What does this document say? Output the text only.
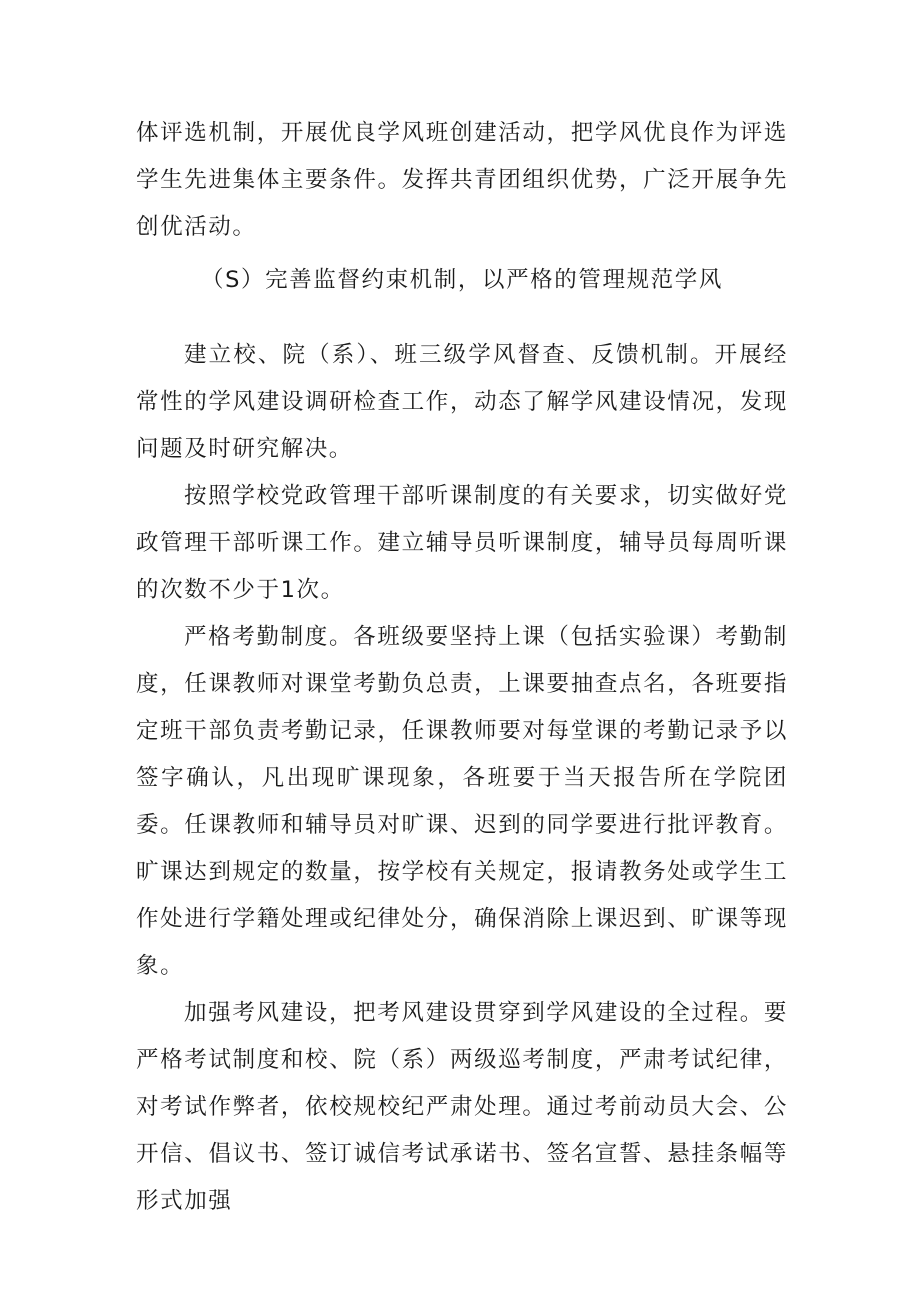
体评选机制，开展优良学风班创建活动，把学风优良作为评选学生先进集体主要条件。发挥共青团组织优势，广泛开展争先创优活动。

（S）完善监督约束机制，以严格的管理规范学风

建立校、院（系）、班三级学风督查、反馈机制。开展经常性的学风建设调研检查工作，动态了解学风建设情况，发现问题及时研究解决。

按照学校党政管理干部听课制度的有关要求，切实做好党政管理干部听课工作。建立辅导员听课制度，辅导员每周听课的次数不少于1次。

严格考勤制度。各班级要坚持上课（包括实验课）考勤制度，任课教师对课堂考勤负总责，上课要抽查点名，各班要指定班干部负责考勤记录，任课教师要对每堂课的考勤记录予以签字确认，凡出现旷课现象，各班要于当天报告所在学院团委。任课教师和辅导员对旷课、迟到的同学要进行批评教育。旷课达到规定的数量，按学校有关规定，报请教务处或学生工作处进行学籍处理或纪律处分，确保消除上课迟到、旷课等现象。

加强考风建设，把考风建设贯穿到学风建设的全过程。要严格考试制度和校、院（系）两级巡考制度，严肃考试纪律，对考试作弊者，依校规校纪严肃处理。通过考前动员大会、公开信、倡议书、签订诚信考试承诺书、签名宣誓、悬挂条幅等形式加强
